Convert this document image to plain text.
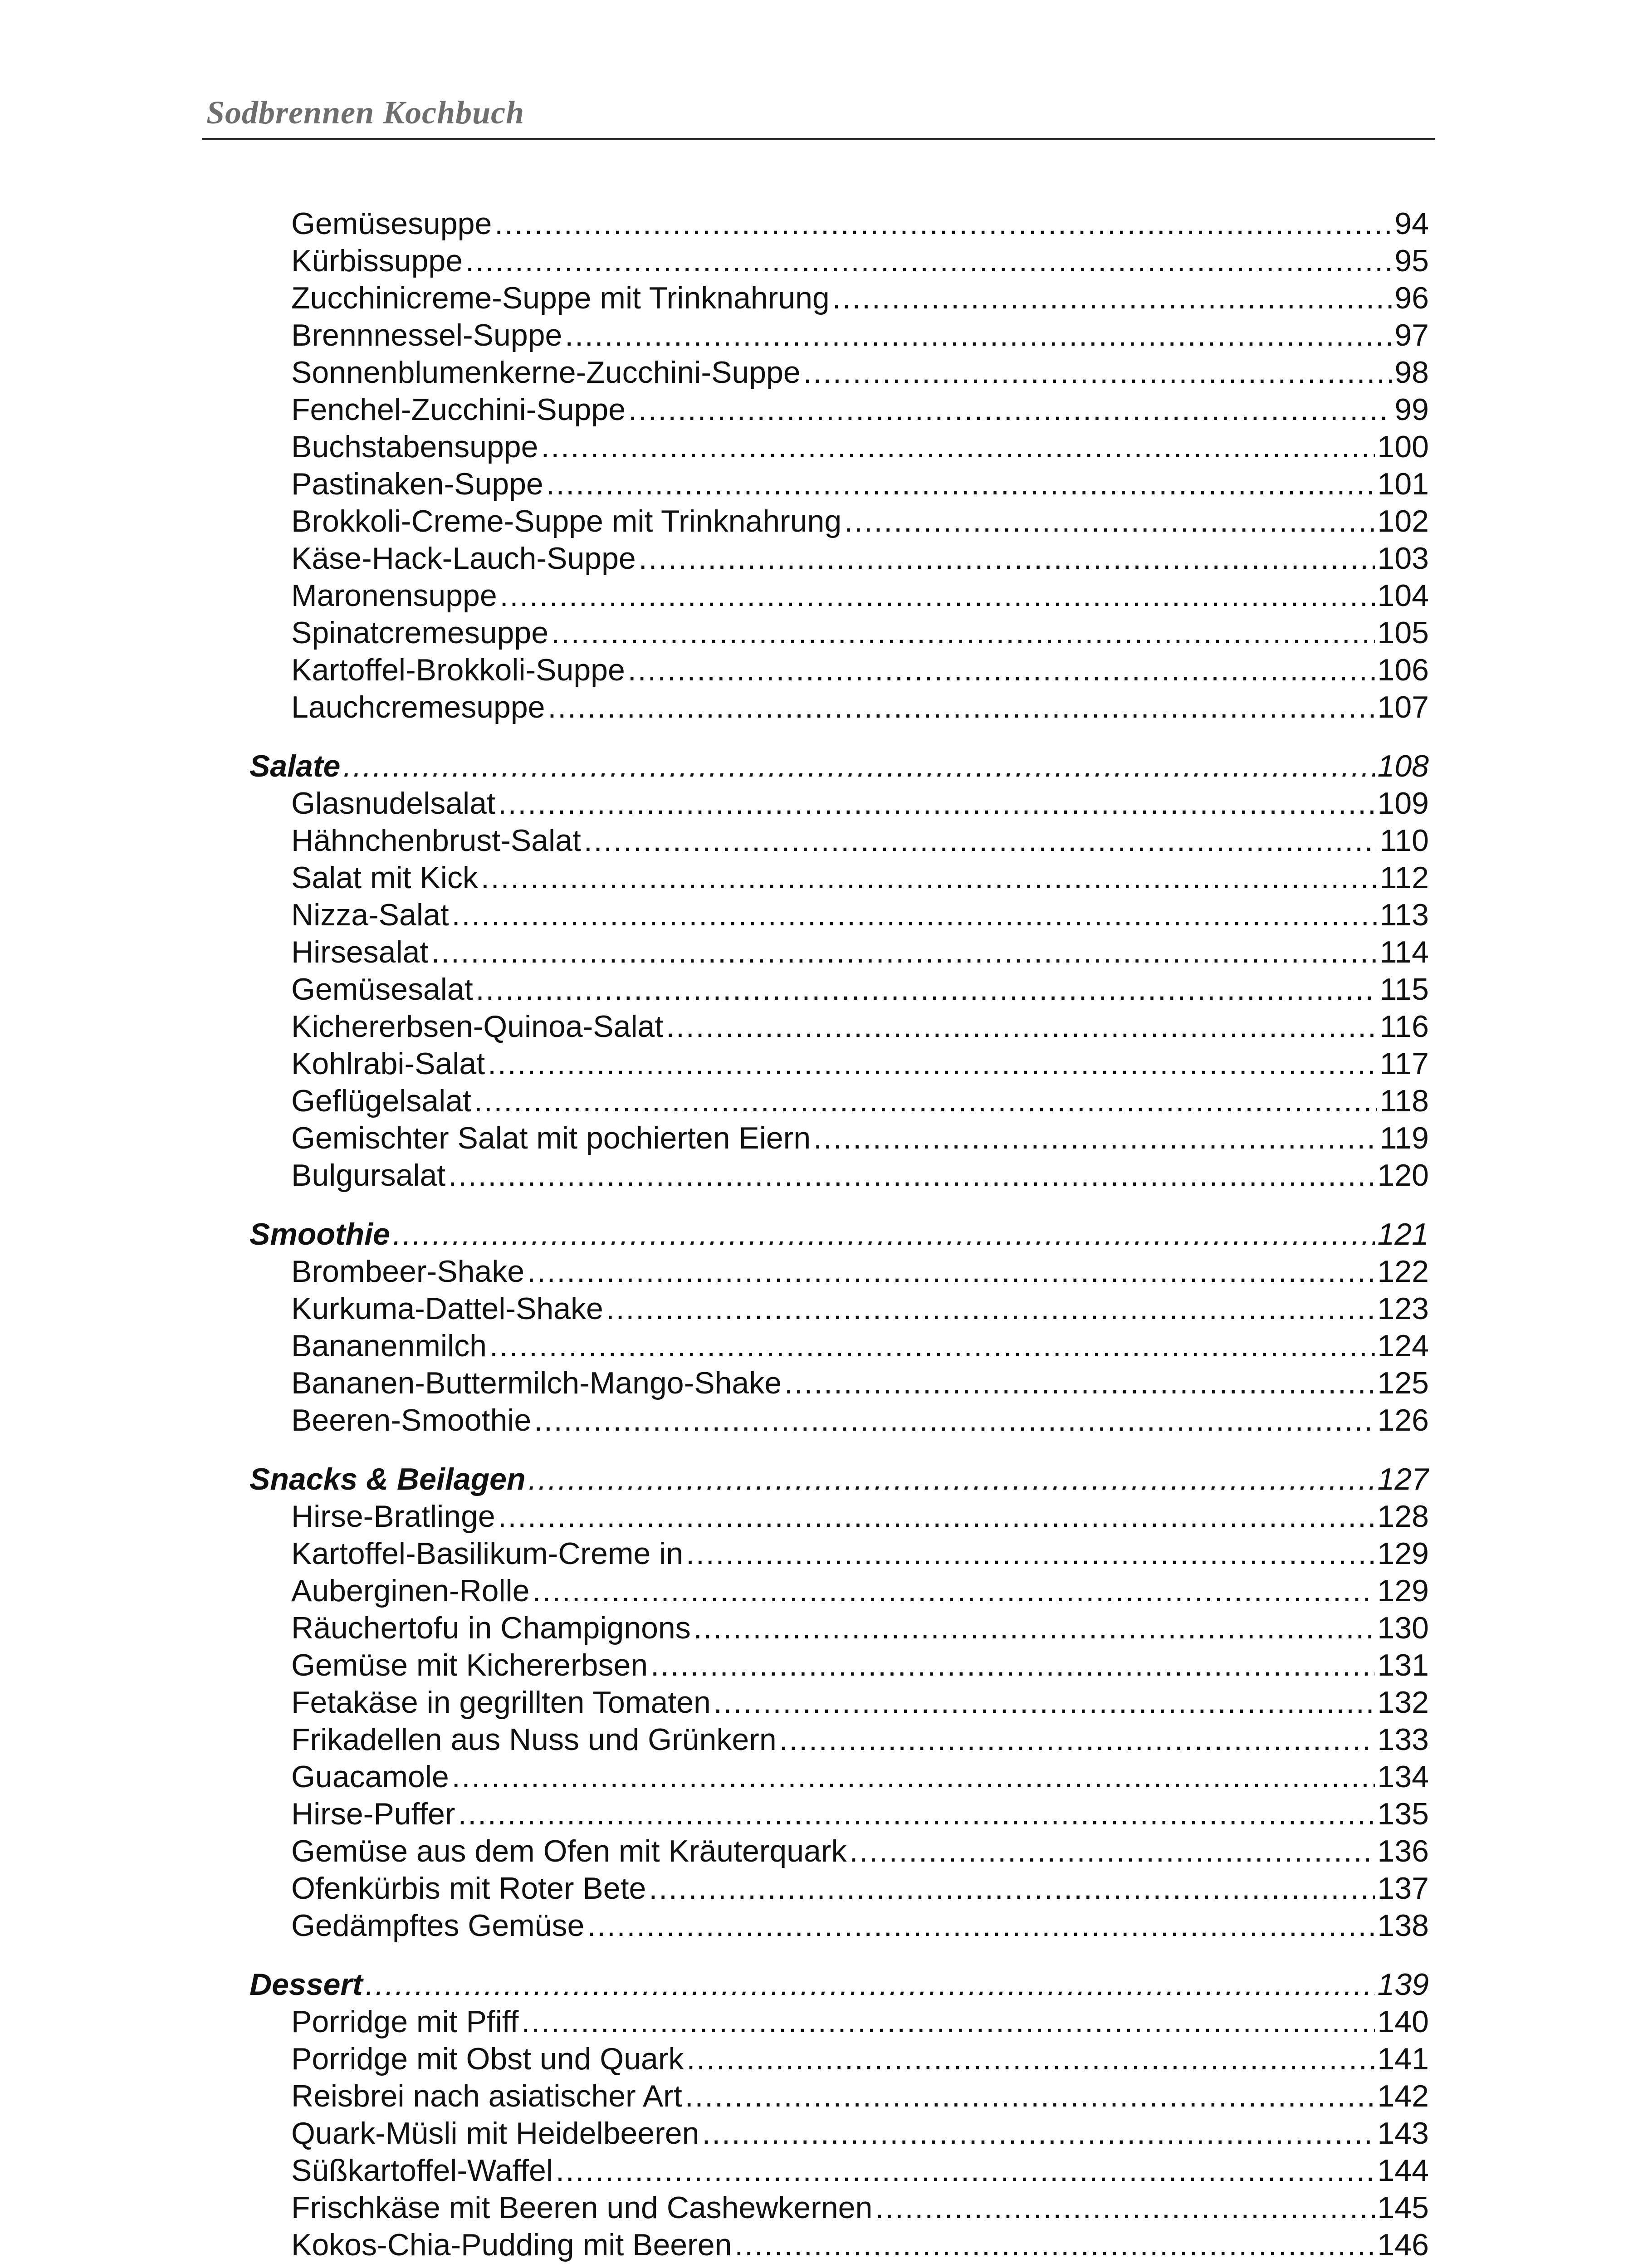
Sodbrennen Kochbuch
Gemüsesuppe . . .	94
Kürbissuppe . . .	95
Zucchinicreme-Suppe mit Trinknahrung . . .	96
Brennnessel-Suppe . . .	97
Sonnenblumenkerne-Zucchini-Suppe . . .	98
Fenchel-Zucchini-Suppe . . .	99
Buchstabensuppe . . .	100
Pastinaken-Suppe . . .	101
Brokkoli-Creme-Suppe mit Trinknahrung . . .	102
Käse-Hack-Lauch-Suppe . . .	103
Maronensuppe . . .	104
Spinatcremesuppe . . .	105
Kartoffel-Brokkoli-Suppe . . .	106
Lauchcremesuppe . . .	107
Salate . . .	108
Glasnudelsalat . . .	109
Hähnchenbrust-Salat . . .	110
Salat mit Kick . . .	112
Nizza-Salat . . .	113
Hirsesalat . . .	114
Gemüsesalat . . .	115
Kichererbsen-Quinoa-Salat . . .	116
Kohlrabi-Salat . . .	117
Geflügelsalat . . .	118
Gemischter Salat mit pochierten Eiern . . .	119
Bulgursalat . . .	120
Smoothie . . .	121
Brombeer-Shake . . .	122
Kurkuma-Dattel-Shake . . .	123
Bananenmilch . . .	124
Bananen-Buttermilch-Mango-Shake . . .	125
Beeren-Smoothie . . .	126
Snacks & Beilagen . . .	127
Hirse-Bratlinge . . .	128
Kartoffel-Basilikum-Creme in . . .	129
Auberginen-Rolle . . .	129
Räuchertofu in Champignons . . .	130
Gemüse mit Kichererbsen . . .	131
Fetakäse in gegrillten Tomaten . . .	132
Frikadellen aus Nuss und Grünkern . . .	133
Guacamole . . .	134
Hirse-Puffer . . .	135
Gemüse aus dem Ofen mit Kräuterquark . . .	136
Ofenkürbis mit Roter Bete . . .	137
Gedämpftes Gemüse . . .	138
Dessert . . .	139
Porridge mit Pfiff . . .	140
Porridge mit Obst und Quark . . .	141
Reisbrei nach asiatischer Art . . .	142
Quark-Müsli mit Heidelbeeren . . .	143
Süßkartoffel-Waffel . . .	144
Frischkäse mit Beeren und Cashewkernen . . .	145
Kokos-Chia-Pudding mit Beeren . . .	146
